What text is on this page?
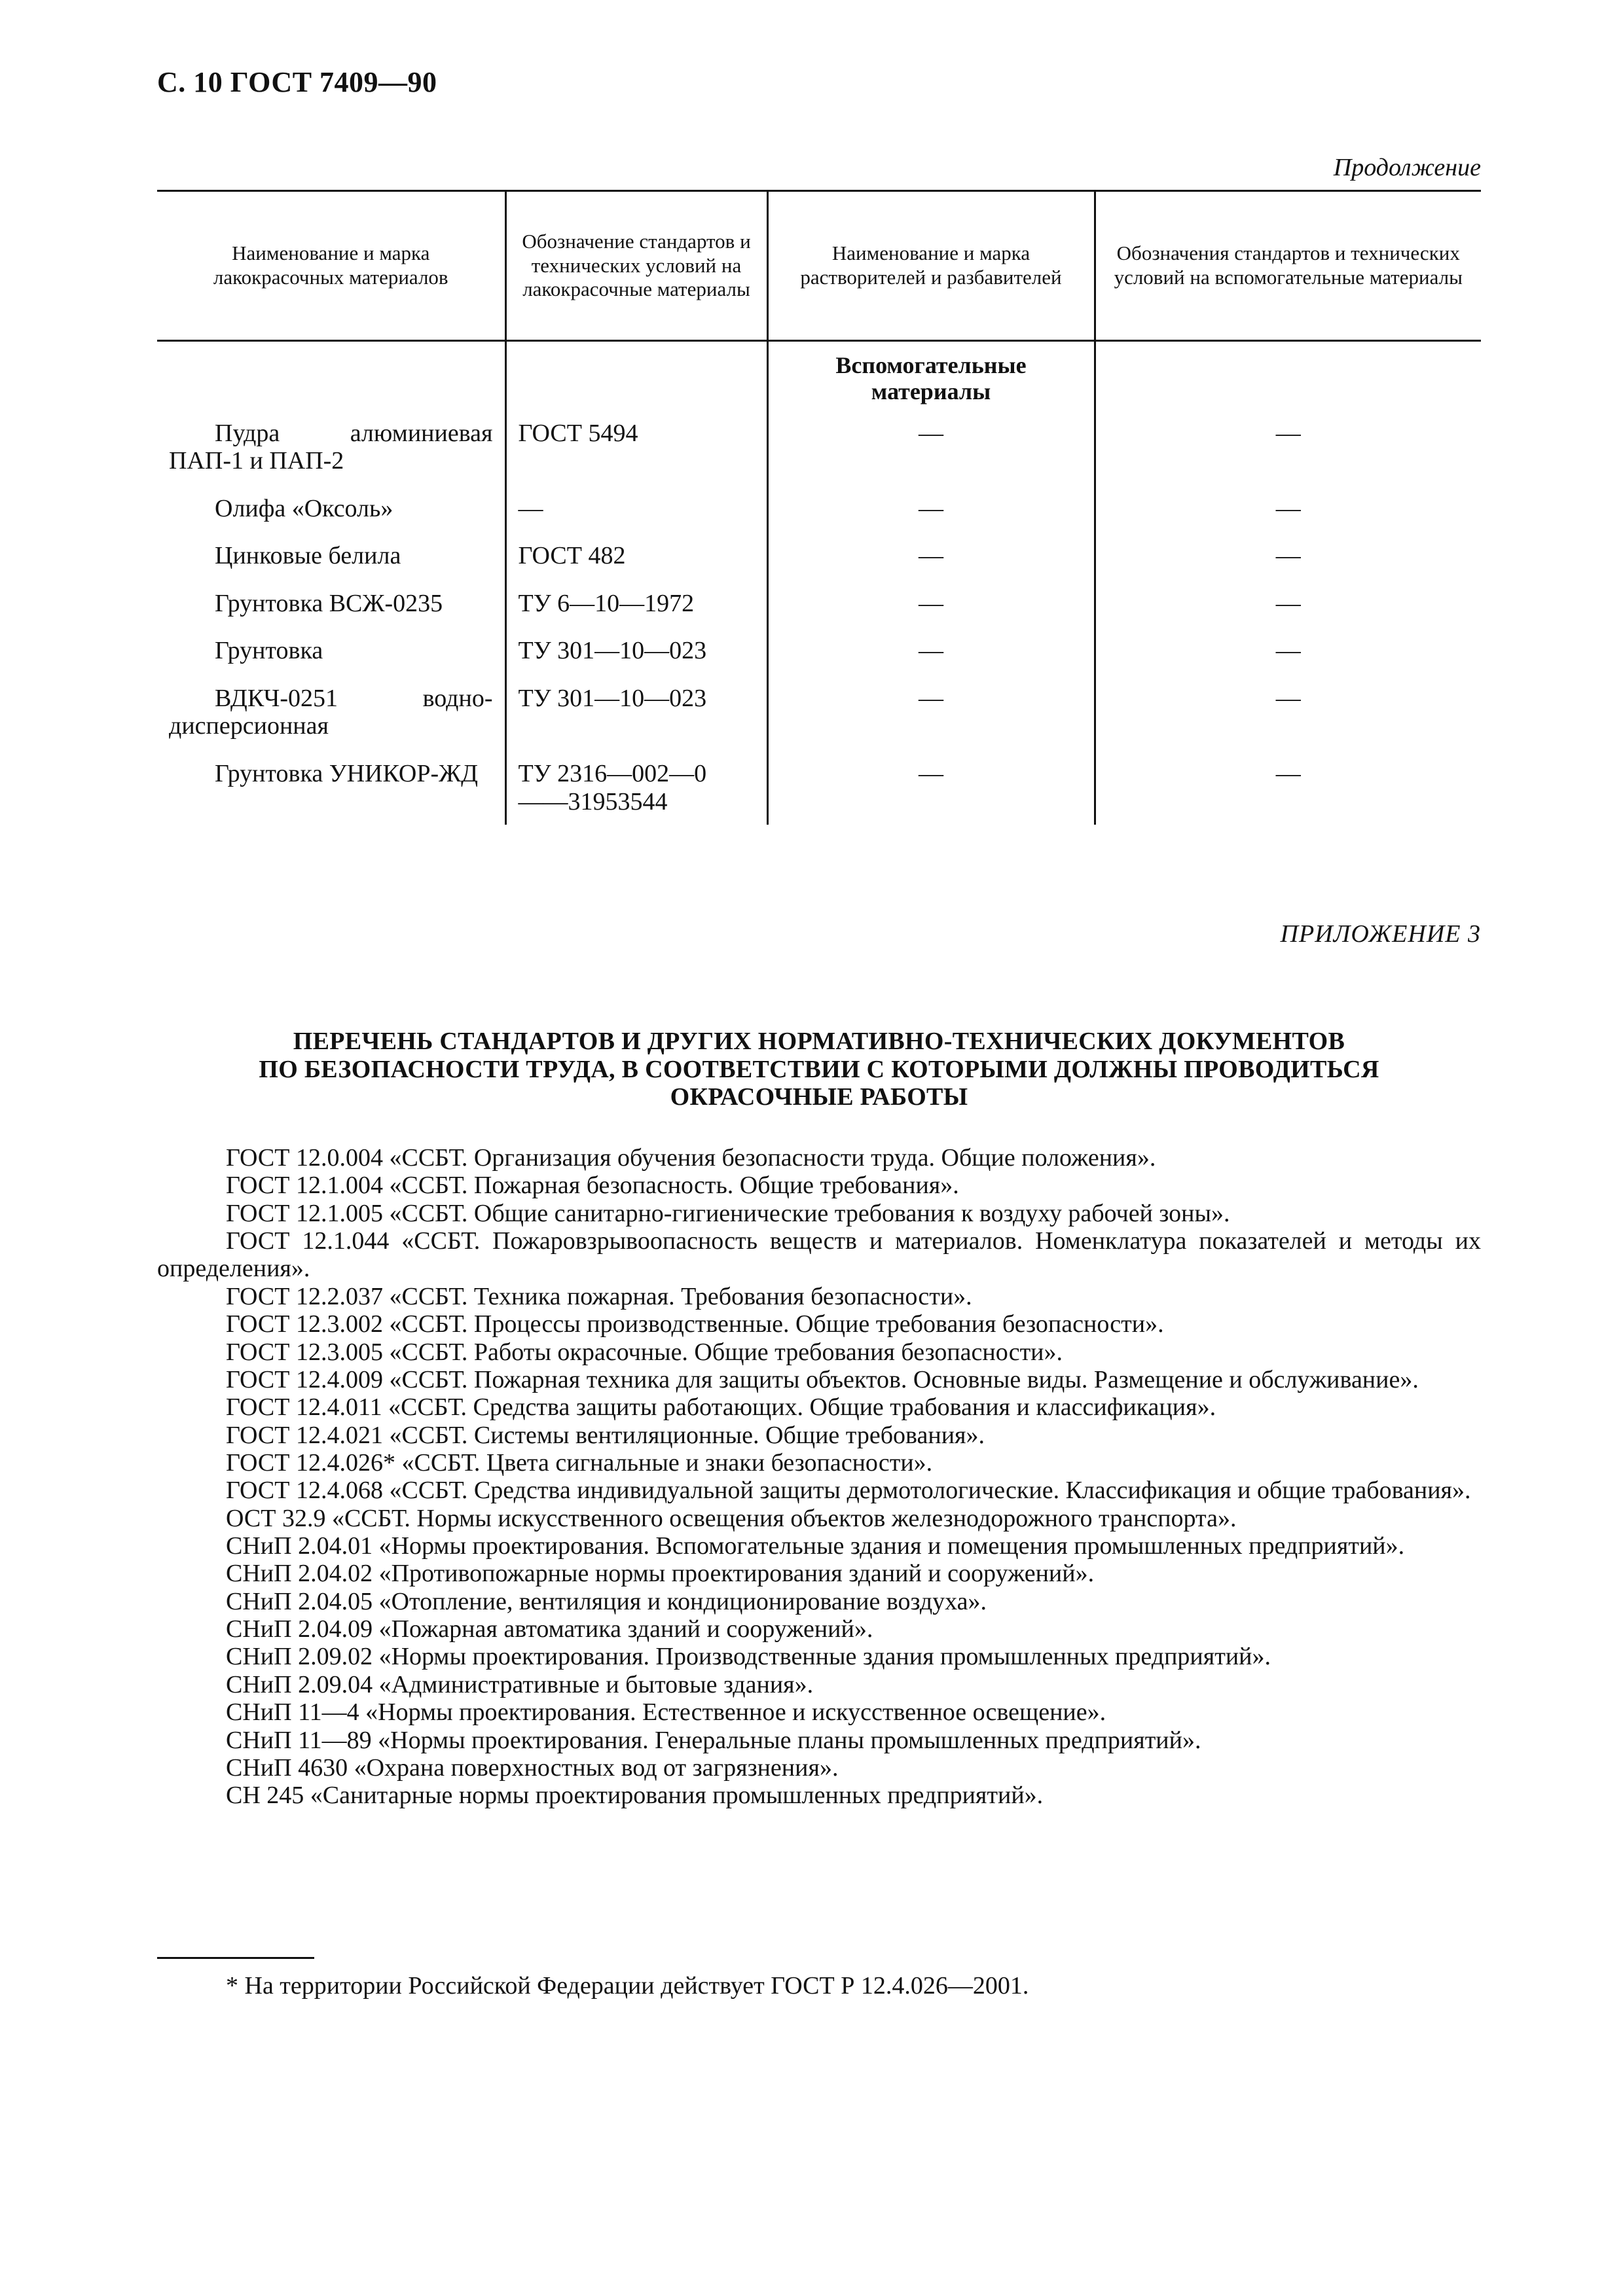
С. 10 ГОСТ 7409—90
Продолжение
Наименование и марка лакокрасочных материалов	Обозначение стандартов и технических условий на лакокрасочные материалы	Наименование и марка растворителей и разбавителей	Обозначения стандартов и технических условий на вспомогательные материалы

		Вспомогательные материалы	

Пудра алюминиевая ПАП-1 и ПАП-2	ГОСТ 5494	—	—

Олифа «Оксоль»	—	—	—

Цинковые белила	ГОСТ 482	—	—

Грунтовка ВСЖ-0235	ТУ 6—10—1972	—	—

Грунтовка	ТУ 301—10—023	—	—

ВДКЧ-0251 водно-дисперсионная	ТУ 301—10—023	—	—

Грунтовка УНИКОР-ЖД	ТУ 2316—002—0——31953544	—	—
ПРИЛОЖЕНИЕ 3
ПЕРЕЧЕНЬ СТАНДАРТОВ И ДРУГИХ НОРМАТИВНО-ТЕХНИЧЕСКИХ ДОКУМЕНТОВ
ПО БЕЗОПАСНОСТИ ТРУДА, В СООТВЕТСТВИИ С КОТОРЫМИ ДОЛЖНЫ ПРОВОДИТЬСЯ
ОКРАСОЧНЫЕ РАБОТЫ

ГОСТ 12.0.004 «ССБТ. Организация обучения безопасности труда. Общие положения».

ГОСТ 12.1.004 «ССБТ. Пожарная безопасность. Общие требования».

ГОСТ 12.1.005 «ССБТ. Общие санитарно-гигиенические требования к воздуху рабочей зоны».

ГОСТ 12.1.044 «ССБТ. Пожаровзрывоопасность веществ и материалов. Номенклатура показателей и методы их определения».

ГОСТ 12.2.037 «ССБТ. Техника пожарная. Требования безопасности».

ГОСТ 12.3.002 «ССБТ. Процессы производственные. Общие требования безопасности».

ГОСТ 12.3.005 «ССБТ. Работы окрасочные. Общие требования безопасности».

ГОСТ 12.4.009 «ССБТ. Пожарная техника для защиты объектов. Основные виды. Размещение и обслуживание».

ГОСТ 12.4.011 «ССБТ. Средства защиты работающих. Общие трабования и классификация».

ГОСТ 12.4.021 «ССБТ. Системы вентиляционные. Общие требования».

ГОСТ 12.4.026* «ССБТ. Цвета сигнальные и знаки безопасности».

ГОСТ 12.4.068 «ССБТ. Средства индивидуальной защиты дермотологические. Классификация и общие трабования».

ОСТ 32.9 «ССБТ. Нормы искусственного освещения объектов железнодорожного транспорта».

СНиП 2.04.01 «Нормы проектирования. Вспомогательные здания и помещения промышленных предприятий».

СНиП 2.04.02 «Противопожарные нормы проектирования зданий и сооружений».

СНиП 2.04.05 «Отопление, вентиляция и кондиционирование воздуха».

СНиП 2.04.09 «Пожарная автоматика зданий и сооружений».

СНиП 2.09.02 «Нормы проектирования. Производственные здания промышленных предприятий».

СНиП 2.09.04 «Административные и бытовые здания».

СНиП 11—4 «Нормы проектирования. Естественное и искусственное освещение».

СНиП 11—89 «Нормы проектирования. Генеральные планы промышленных предприятий».

СНиП 4630 «Охрана поверхностных вод от загрязнения».

СН 245 «Санитарные нормы проектирования промышленных предприятий».

* На территории Российской Федерации действует ГОСТ Р 12.4.026—2001.
